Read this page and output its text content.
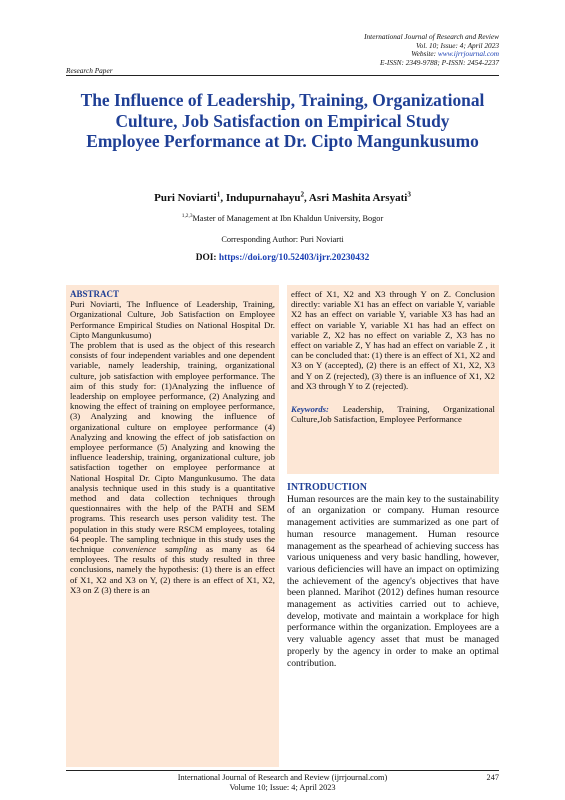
International Journal of Research and Review
Vol. 10; Issue: 4; April 2023
Website: www.ijrrjournal.com
E-ISSN: 2349-9788; P-ISSN: 2454-2237
Research Paper
The Influence of Leadership, Training, Organizational Culture, Job Satisfaction on Empirical Study Employee Performance at Dr. Cipto Mangunkusumo
Puri Noviarti$^1$, Indupurnahayu$^2$, Asri Mashita Arsyati$^3$
$^{1,2,3}$Master of Management at Ibn Khaldun University, Bogor
Corresponding Author: Puri Noviarti
DOI: https://doi.org/10.52403/ijrr.20230432

ABSTRACT

Puri Noviarti, The Influence of Leadership, Training, Organizational Culture, Job Satisfaction on Employee Performance Empirical Studies on National Hospital Dr. Cipto Mangunkusumo)

The problem that is used as the object of this research consists of four independent variables and one dependent variable, namely leadership, training, organizational culture, job satisfaction with employee performance. The aim of this study for: (1)Analyzing the influence of leadership on employee performance, (2) Analyzing and knowing the effect of training on employee performance, (3) Analyzing and knowing the influence of organizational culture on employee performance (4) Analyzing and knowing the effect of job satisfaction on employee performance (5) Analyzing and knowing the influence leadership, training, organizational culture, job satisfaction together on employee performance at National Hospital Dr. Cipto Mangunkusumo. The data analysis technique used in this study is a quantitative method and data collection techniques through questionnaires with the help of the PATH and SEM programs. This research uses person validity test. The population in this study were RSCM employees, totaling 64 people. The sampling technique in this study uses the technique convenience sampling as many as 64 employees. The results of this study resulted in three conclusions, namely the hypothesis: (1) there is an effect of X1, X2 and X3 on Y, (2) there is an effect of X1, X2, X3 on Z (3) there is an

effect of X1, X2 and X3 through Y on Z. Conclusion directly: variable X1 has an effect on variable Y, variable X2 has an effect on variable Y, variable X3 has had an effect on variable Y, variable X1 has had an effect on variable Z, X2 has no effect on variable Z, X3 has no effect on variable Z, Y has had an effect on variable Z , it can be concluded that: (1) there is an effect of X1, X2 and X3 on Y (accepted), (2) there is an effect of X1, X2, X3 and Y on Z (rejected), (3) there is an influence of X1, X2 and X3 through Y to Z (rejected).

Keywords: Leadership, Training, Organizational Culture,Job Satisfaction, Employee Performance

INTRODUCTION

Human resources are the main key to the sustainability of an organization or company. Human resource management activities are summarized as one part of human resource management. Human resource management as the spearhead of achieving success has various uniqueness and very basic handling, however, various deficiencies will have an impact on optimizing the achievement of the agency's objectives that have been planned. Marihot (2012) defines human resource management as activities carried out to achieve, develop, motivate and maintain a workplace for high performance within the organization. Employees are a very valuable agency asset that must be managed properly by the agency in order to make an optimal contribution.

International Journal of Research and Review (ijrrjournal.com)
Volume 10; Issue: 4; April 2023
247
